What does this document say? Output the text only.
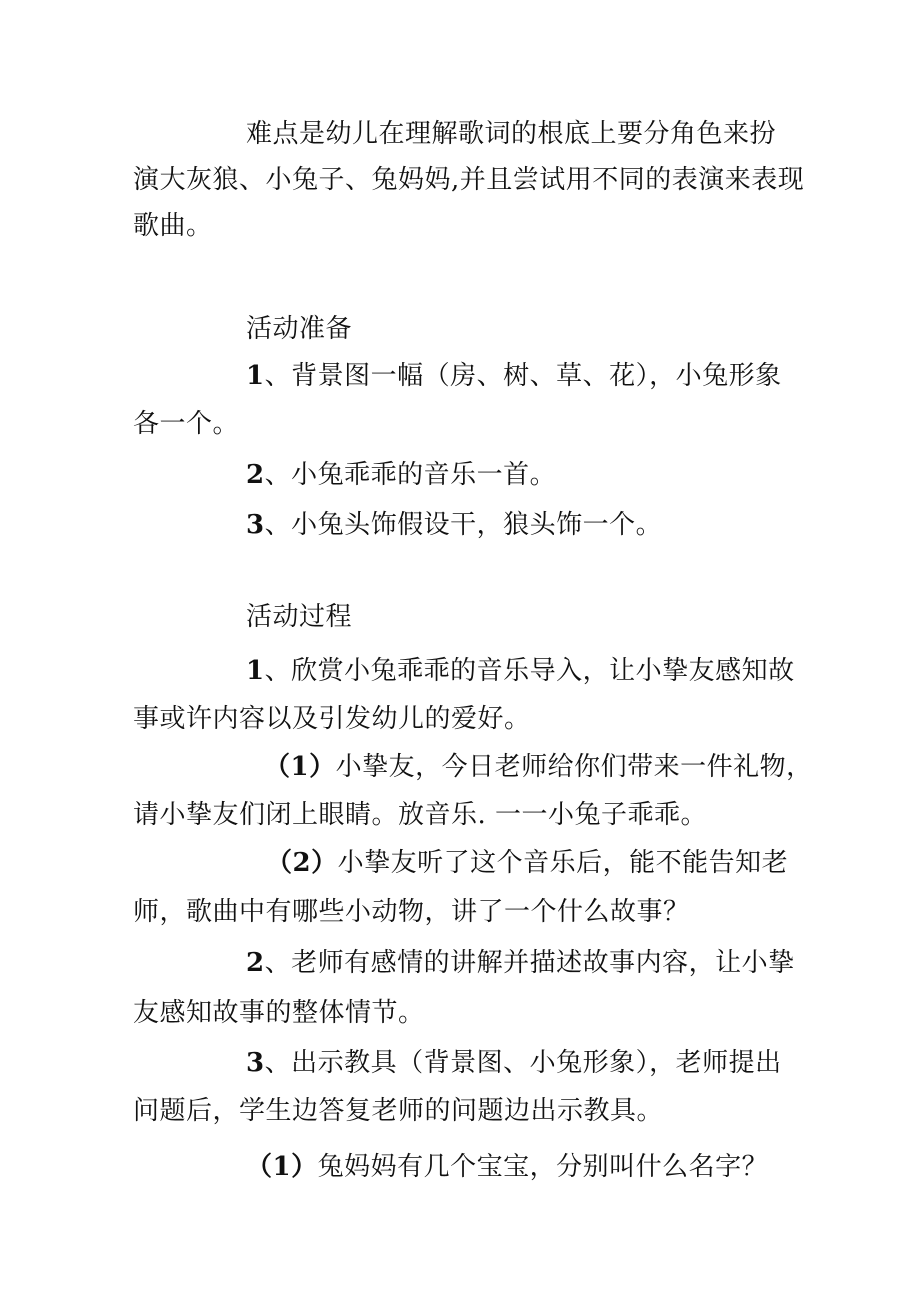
难点是幼儿在理解歌词的根底上要分角色来扮
演大灰狼、小兔子、兔妈妈,并且尝试用不同的表演来表现
歌曲。
活动准备
1、背景图一幅（房、树、草、花），小兔形象
各一个。
2、小兔乖乖的音乐一首。
3、小兔头饰假设干，狼头饰一个。
活动过程
1、欣赏小兔乖乖的音乐导入，让小挚友感知故
事或许内容以及引发幼儿的爱好。
（1）小挚友，今日老师给你们带来一件礼物，
请小挚友们闭上眼睛。放音乐. 一一小兔子乖乖。
（2）小挚友听了这个音乐后，能不能告知老
师，歌曲中有哪些小动物，讲了一个什么故事？
2、老师有感情的讲解并描述故事内容，让小挚
友感知故事的整体情节。
3、出示教具（背景图、小兔形象），老师提出
问题后，学生边答复老师的问题边出示教具。
（1）兔妈妈有几个宝宝，分别叫什么名字？
